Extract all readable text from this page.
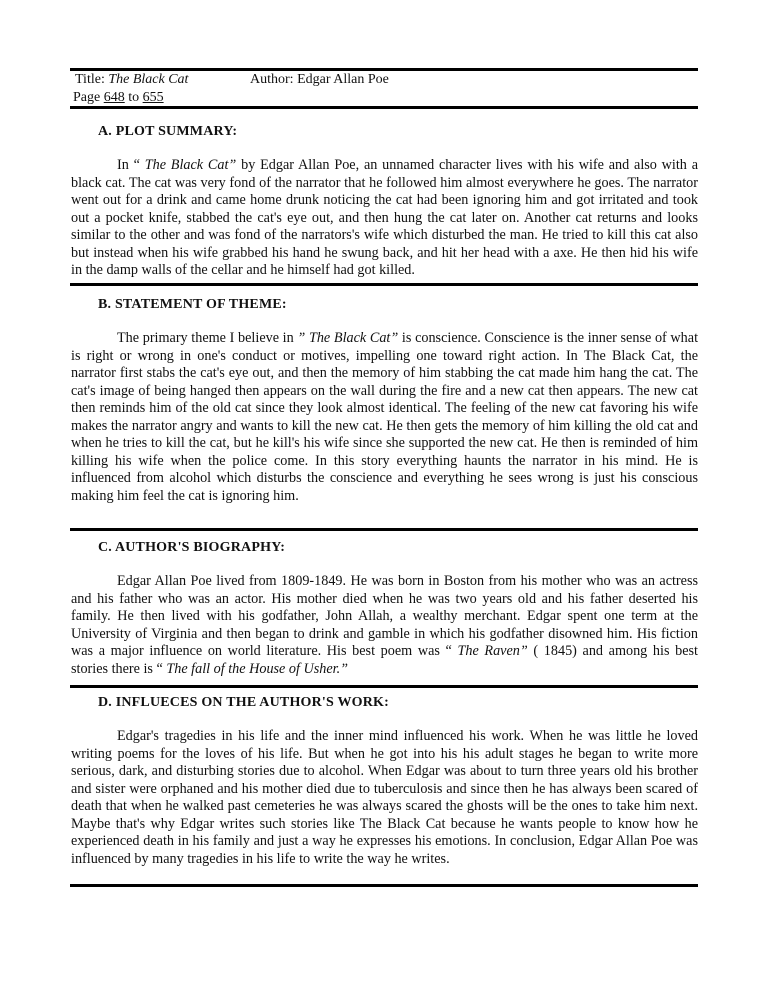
Title: The Black Cat	Author: Edgar Allan Poe
Page 648 to 655
A. PLOT SUMMARY:

In “ The Black Cat” by Edgar Allan Poe, an unnamed character lives with his wife and also with a black cat. The cat was very fond of the narrator that he followed him almost everywhere he goes. The narrator went out for a drink and came home drunk noticing the cat had been ignoring him and got irritated and took out a pocket knife, stabbed the cat's eye out, and then hung the cat later on. Another cat returns and looks similar to the other and was fond of the narrators's wife which disturbed the man. He tried to kill this cat also but instead when his wife grabbed his hand he swung back, and hit her head with a axe. He then hid his wife in the damp walls of the cellar and he himself had got killed.

B. STATEMENT OF THEME:

The primary theme I believe in ” The Black Cat” is conscience. Conscience is the inner sense of what is right or wrong in one's conduct or motives, impelling one toward right action. In The Black Cat, the narrator first stabs the cat's eye out, and then the memory of him stabbing the cat made him hang the cat. The cat's image of being hanged then appears on the wall during the fire and a new cat then appears. The new cat then reminds him of the old cat since they look almost identical. The feeling of the new cat favoring his wife makes the narrator angry and wants to kill the new cat. He then gets the memory of him killing the old cat and when he tries to kill the cat, but he kill's his wife since she supported the new cat. He then is reminded of him killing his wife when the police come. In this story everything haunts the narrator in his mind. He is influenced from alcohol which disturbs the conscience and everything he sees wrong is just his conscious making him feel the cat is ignoring him.

C. AUTHOR'S BIOGRAPHY:

Edgar Allan Poe lived from 1809-1849. He was born in Boston from his mother who was an actress and his father who was an actor. His mother died when he was two years old and his father deserted his family. He then lived with his godfather, John Allah, a wealthy merchant. Edgar spent one term at the University of Virginia and then began to drink and gamble in which his godfather disowned him. His fiction was a major influence on world literature. His best poem was “ The Raven” ( 1845) and among his best stories there is “ The fall of the House of Usher.”

D. INFLUECES ON THE AUTHOR'S WORK:

Edgar's tragedies in his life and the inner mind influenced his work. When he was little he loved writing poems for the loves of his life. But when he got into his his adult stages he began to write more serious, dark, and disturbing stories due to alcohol. When Edgar was about to turn three years old his brother and sister were orphaned and his mother died due to tuberculosis and since then he has always been scared of death that when he walked past cemeteries he was always scared the ghosts will be the ones to take him next. Maybe that's why Edgar writes such stories like The Black Cat because he wants people to know how he experienced death in his family and just a way he expresses his emotions. In conclusion, Edgar Allan Poe was influenced by many tragedies in his life to write the way he writes.
